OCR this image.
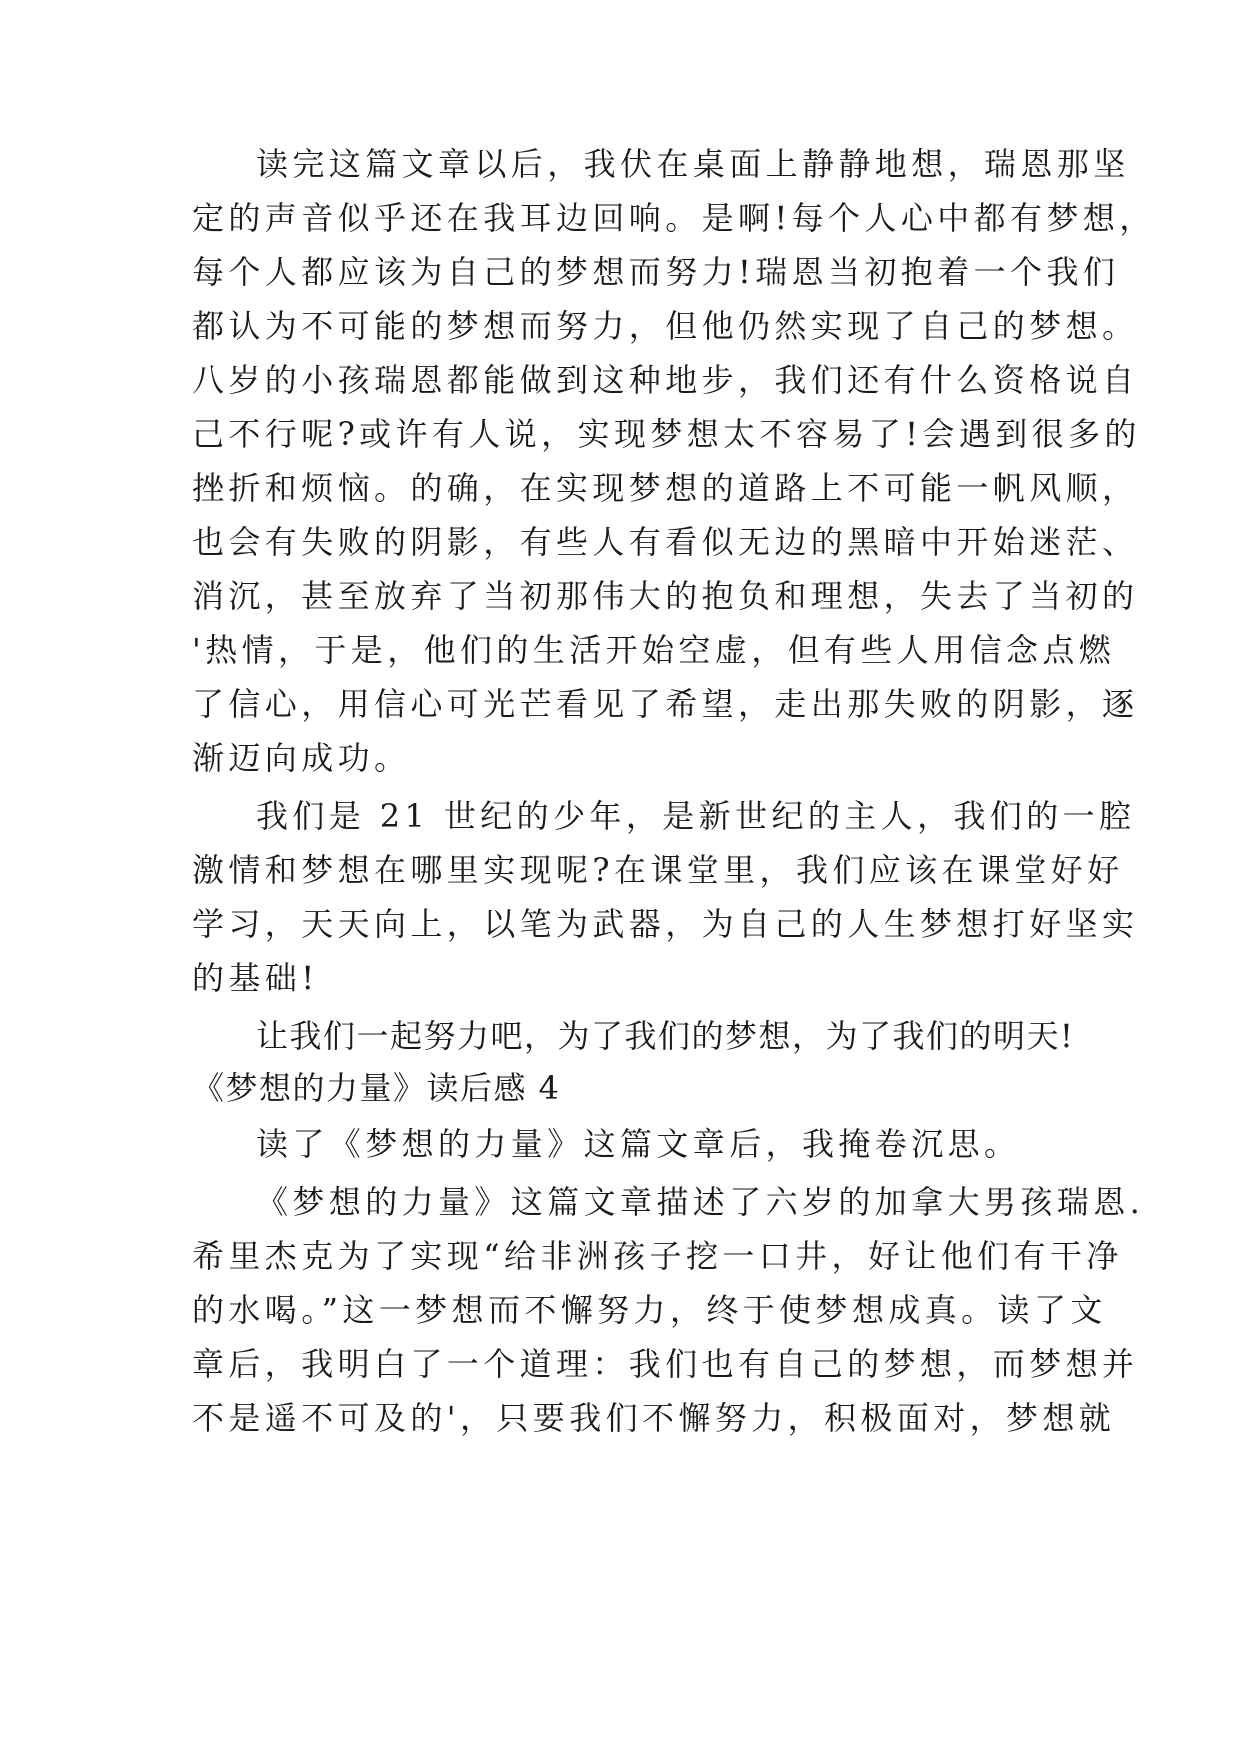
读完这篇文章以后，我伏在桌面上静静地想，瑞恩那坚
定的声音似乎还在我耳边回响。是啊!每个人心中都有梦想，
每个人都应该为自己的梦想而努力!瑞恩当初抱着一个我们
都认为不可能的梦想而努力，但他仍然实现了自己的梦想。
八岁的小孩瑞恩都能做到这种地步，我们还有什么资格说自
己不行呢?或许有人说，实现梦想太不容易了!会遇到很多的
挫折和烦恼。的确，在实现梦想的道路上不可能一帆风顺，
也会有失败的阴影，有些人有看似无边的黑暗中开始迷茫、
消沉，甚至放弃了当初那伟大的抱负和理想，失去了当初的
'热情，于是，他们的生活开始空虚，但有些人用信念点燃
了信心，用信心可光芒看见了希望，走出那失败的阴影，逐
渐迈向成功。
我们是 21 世纪的少年，是新世纪的主人，我们的一腔
激情和梦想在哪里实现呢?在课堂里，我们应该在课堂好好
学习，天天向上，以笔为武器，为自己的人生梦想打好坚实
的基础!
让我们一起努力吧，为了我们的梦想，为了我们的明天!
《梦想的力量》读后感 4
读了《梦想的力量》这篇文章后，我掩卷沉思。
《梦想的力量》这篇文章描述了六岁的加拿大男孩瑞恩.
希里杰克为了实现“给非洲孩子挖一口井，好让他们有干净
的水喝。”这一梦想而不懈努力，终于使梦想成真。读了文
章后，我明白了一个道理：我们也有自己的梦想，而梦想并
不是遥不可及的'，只要我们不懈努力，积极面对，梦想就
